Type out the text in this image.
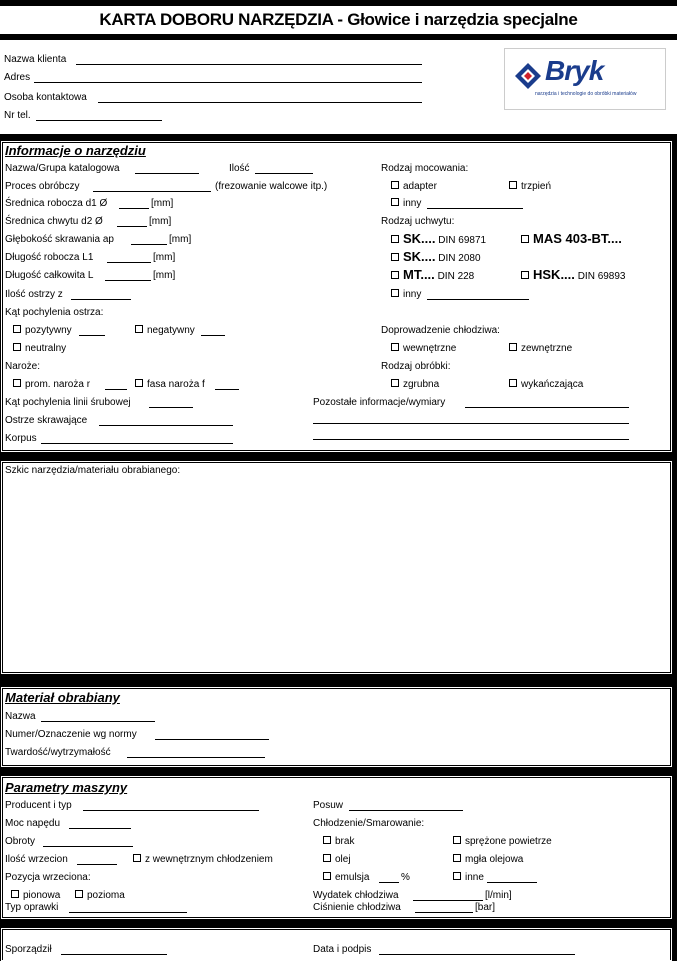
KARTA DOBORU NARZĘDZIA - Głowice i narzędzia specjalne
Nazwa klienta
Adres
Osoba kontaktowa
Nr tel.
Bryk
narzędzia i technologie do obróbki materiałów
Informacje o narzędziu
Nazwa/Grupa katalogowa	Ilość
Proces obróbczy	(frezowanie walcowe itp.)
Średnica robocza d1 Ø	[mm]
Średnica chwytu d2 Ø	[mm]
Głębokość skrawania ap	[mm]
Długość robocza L1	[mm]
Długość całkowita L	[mm]
Ilość ostrzy z
Kąt pochylenia ostrza:
pozytywny	negatywny
neutralny
Naroże:
prom. naroża r	fasa naroża f
Kąt pochylenia linii śrubowej
Ostrze skrawające
Korpus
Rodzaj mocowania:
adapter	trzpień
inny
Rodzaj uchwytu:
SK.... DIN 69871	MAS 403-BT....
SK.... DIN 2080
MT.... DIN 228	HSK.... DIN 69893
inny
Doprowadzenie chłodziwa:
wewnętrzne	zewnętrzne
Rodzaj obróbki:
zgrubna	wykańczająca
Pozostałe informacje/wymiary
Szkic narzędzia/materiału obrabianego:
Materiał obrabiany
Nazwa
Numer/Oznaczenie wg normy
Twardość/wytrzymałość
Parametry maszyny
Producent i typ
Moc napędu
Obroty
Ilość wrzecion	z wewnętrznym chłodzeniem
Pozycja wrzeciona:
pionowa	pozioma
Typ oprawki
Posuw
Chłodzenie/Smarowanie:
brak	sprężone powietrze
olej	mgła olejowa
emulsja	%	inne
Wydatek chłodziwa	[l/min]
Ciśnienie chłodziwa	[bar]
Sporządził	Data i podpis
